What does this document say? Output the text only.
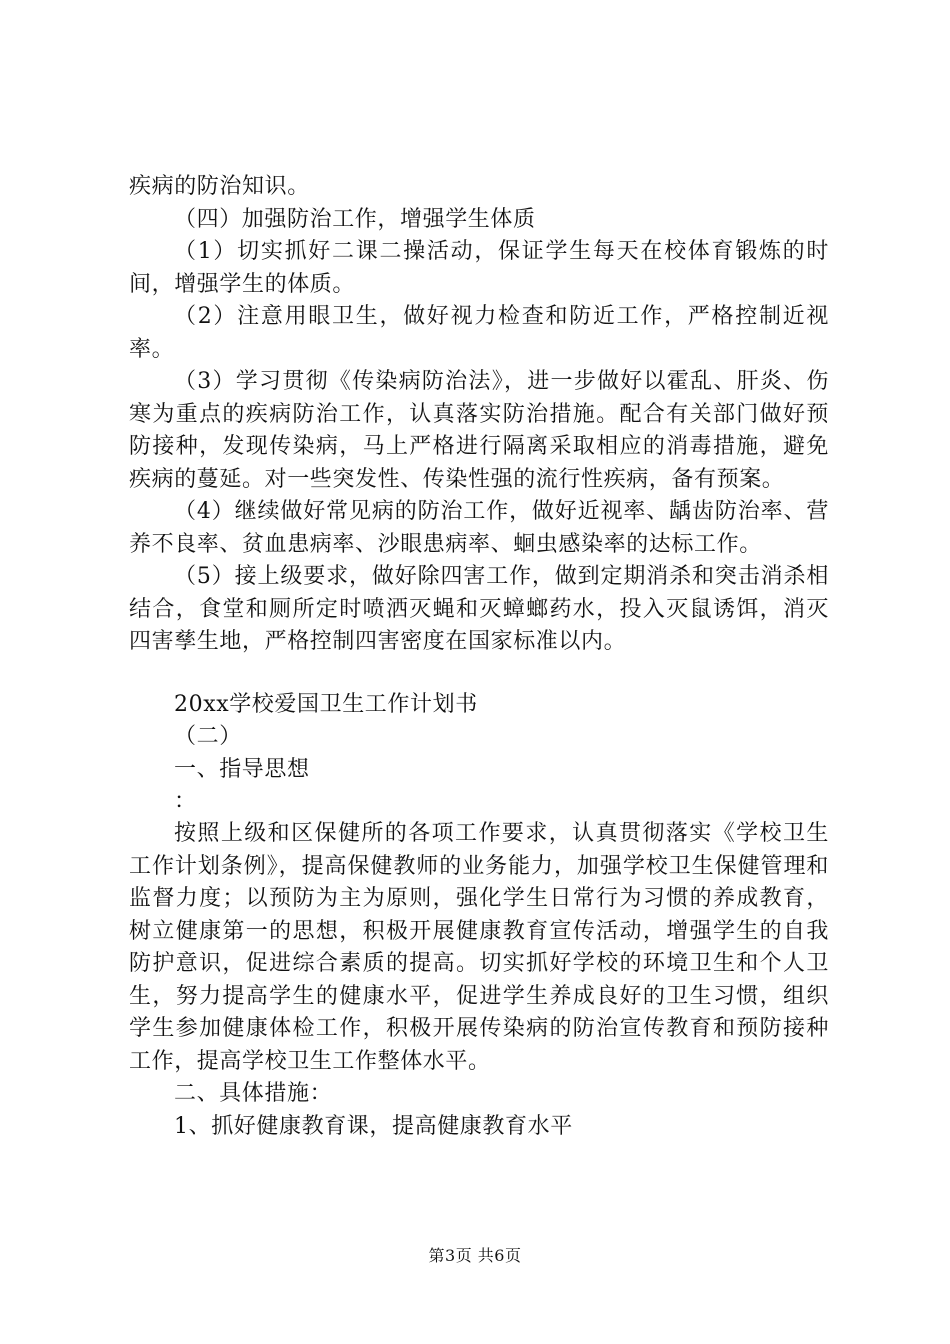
疾病的防治知识。

（四）加强防治工作，增强学生体质

（1）切实抓好二课二操活动，保证学生每天在校体育锻炼的时间，增强学生的体质。

（2）注意用眼卫生，做好视力检查和防近工作，严格控制近视率。

（3）学习贯彻《传染病防治法》，进一步做好以霍乱、肝炎、伤寒为重点的疾病防治工作，认真落实防治措施。配合有关部门做好预防接种，发现传染病，马上严格进行隔离采取相应的消毒措施，避免疾病的蔓延。对一些突发性、传染性强的流行性疾病，备有预案。

（4）继续做好常见病的防治工作，做好近视率、龋齿防治率、营养不良率、贫血患病率、沙眼患病率、蛔虫感染率的达标工作。

（5）接上级要求，做好除四害工作，做到定期消杀和突击消杀相结合，食堂和厕所定时喷洒灭蝇和灭蟑螂药水，投入灭鼠诱饵，消灭四害孳生地，严格控制四害密度在国家标准以内。

20xx学校爱国卫生工作计划书

（二）

一、指导思想

：

按照上级和区保健所的各项工作要求，认真贯彻落实《学校卫生工作计划条例》，提高保健教师的业务能力，加强学校卫生保健管理和监督力度；以预防为主为原则，强化学生日常行为习惯的养成教育，树立健康第一的思想，积极开展健康教育宣传活动，增强学生的自我防护意识，促进综合素质的提高。切实抓好学校的环境卫生和个人卫生，努力提高学生的健康水平，促进学生养成良好的卫生习惯，组织学生参加健康体检工作，积极开展传染病的防治宣传教育和预防接种工作，提高学校卫生工作整体水平。

二、具体措施：

1、抓好健康教育课，提高健康教育水平

第3页 共6页
